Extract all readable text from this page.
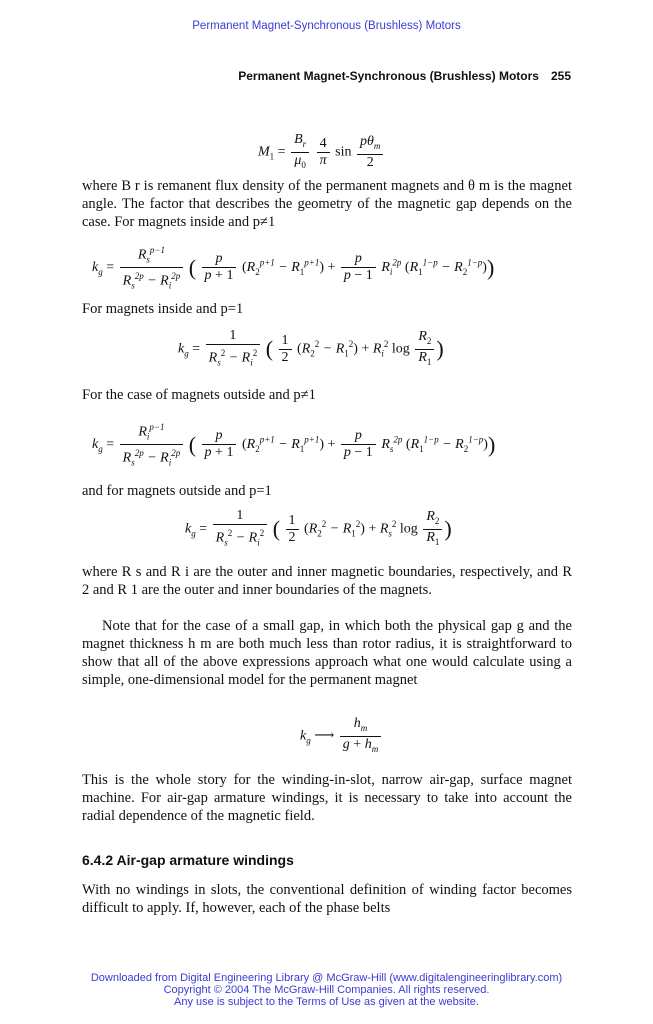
Permanent Magnet-Synchronous (Brushless) Motors
Permanent Magnet-Synchronous (Brushless) Motors 255
$M_1 = \frac{B_r}{\mu_0}$
$\frac{4}{\pi}$ $\sin \frac{p\theta_m}{2}$
where B r is remanent flux density of the permanent magnets and θ m is the magnet angle. The factor that describes the geometry of the magnetic gap depends on the case. For magnets inside and p≠1
$k_g = \frac{R_s^{p-1}}{R_s^{2p} - R_i^{2p}}$ ( $\frac{p}{p + 1} (R_2^{p+1} - R_1^{p+1}) + \frac{p}{p - 1} R_i^{2p}$ $(R_1^{1-p} - R_2^{1-p})$)
For magnets inside and p=1
$k_g = \frac{1}{R_s^2 - R_i^2}$ ( $\frac{1}{2} (R_2^2 - R_1^2) + R_i^2$ $\log \frac{R_2}{R_1}$ )
For the case of magnets outside and p≠1
$k_g = \frac{R_i^{p-1}}{R_s^{2p} - R_i^{2p}}$ ( $\frac{p}{p + 1} (R_2^{p+1} - R_1^{p+1}) + \frac{p}{p - 1} R_s^{2p}$ $(R_1^{1-p} - R_2^{1-p})$)
and for magnets outside and p=1
$k_g = \frac{1}{R_s^2 - R_i^2}$ ( $\frac{1}{2} (R_2^2 - R_1^2) + R_s^2$ $\log \frac{R_2}{R_1}$ )
where R s and R i are the outer and inner magnetic boundaries, respectively, and R 2 and R 1 are the outer and inner boundaries of the magnets.
Note that for the case of a small gap, in which both the physical gap g and the magnet thickness h m are both much less than rotor radius, it is straightforward to show that all of the above expressions approach what one would calculate using a simple, one-dimensional model for the permanent magnet
$k_g$ ⟶ $\frac{h_m}{g + h_m}$
This is the whole story for the winding-in-slot, narrow air-gap, surface magnet machine. For air-gap armature windings, it is necessary to take into account the radial dependence of the magnetic field.
6.4.2 Air-gap armature windings
With no windings in slots, the conventional definition of winding factor becomes difficult to apply. If, however, each of the phase belts
Downloaded from Digital Engineering Library @ McGraw-Hill (www.digitalengineeringlibrary.com)
Copyright © 2004 The McGraw-Hill Companies. All rights reserved.
Any use is subject to the Terms of Use as given at the website.
